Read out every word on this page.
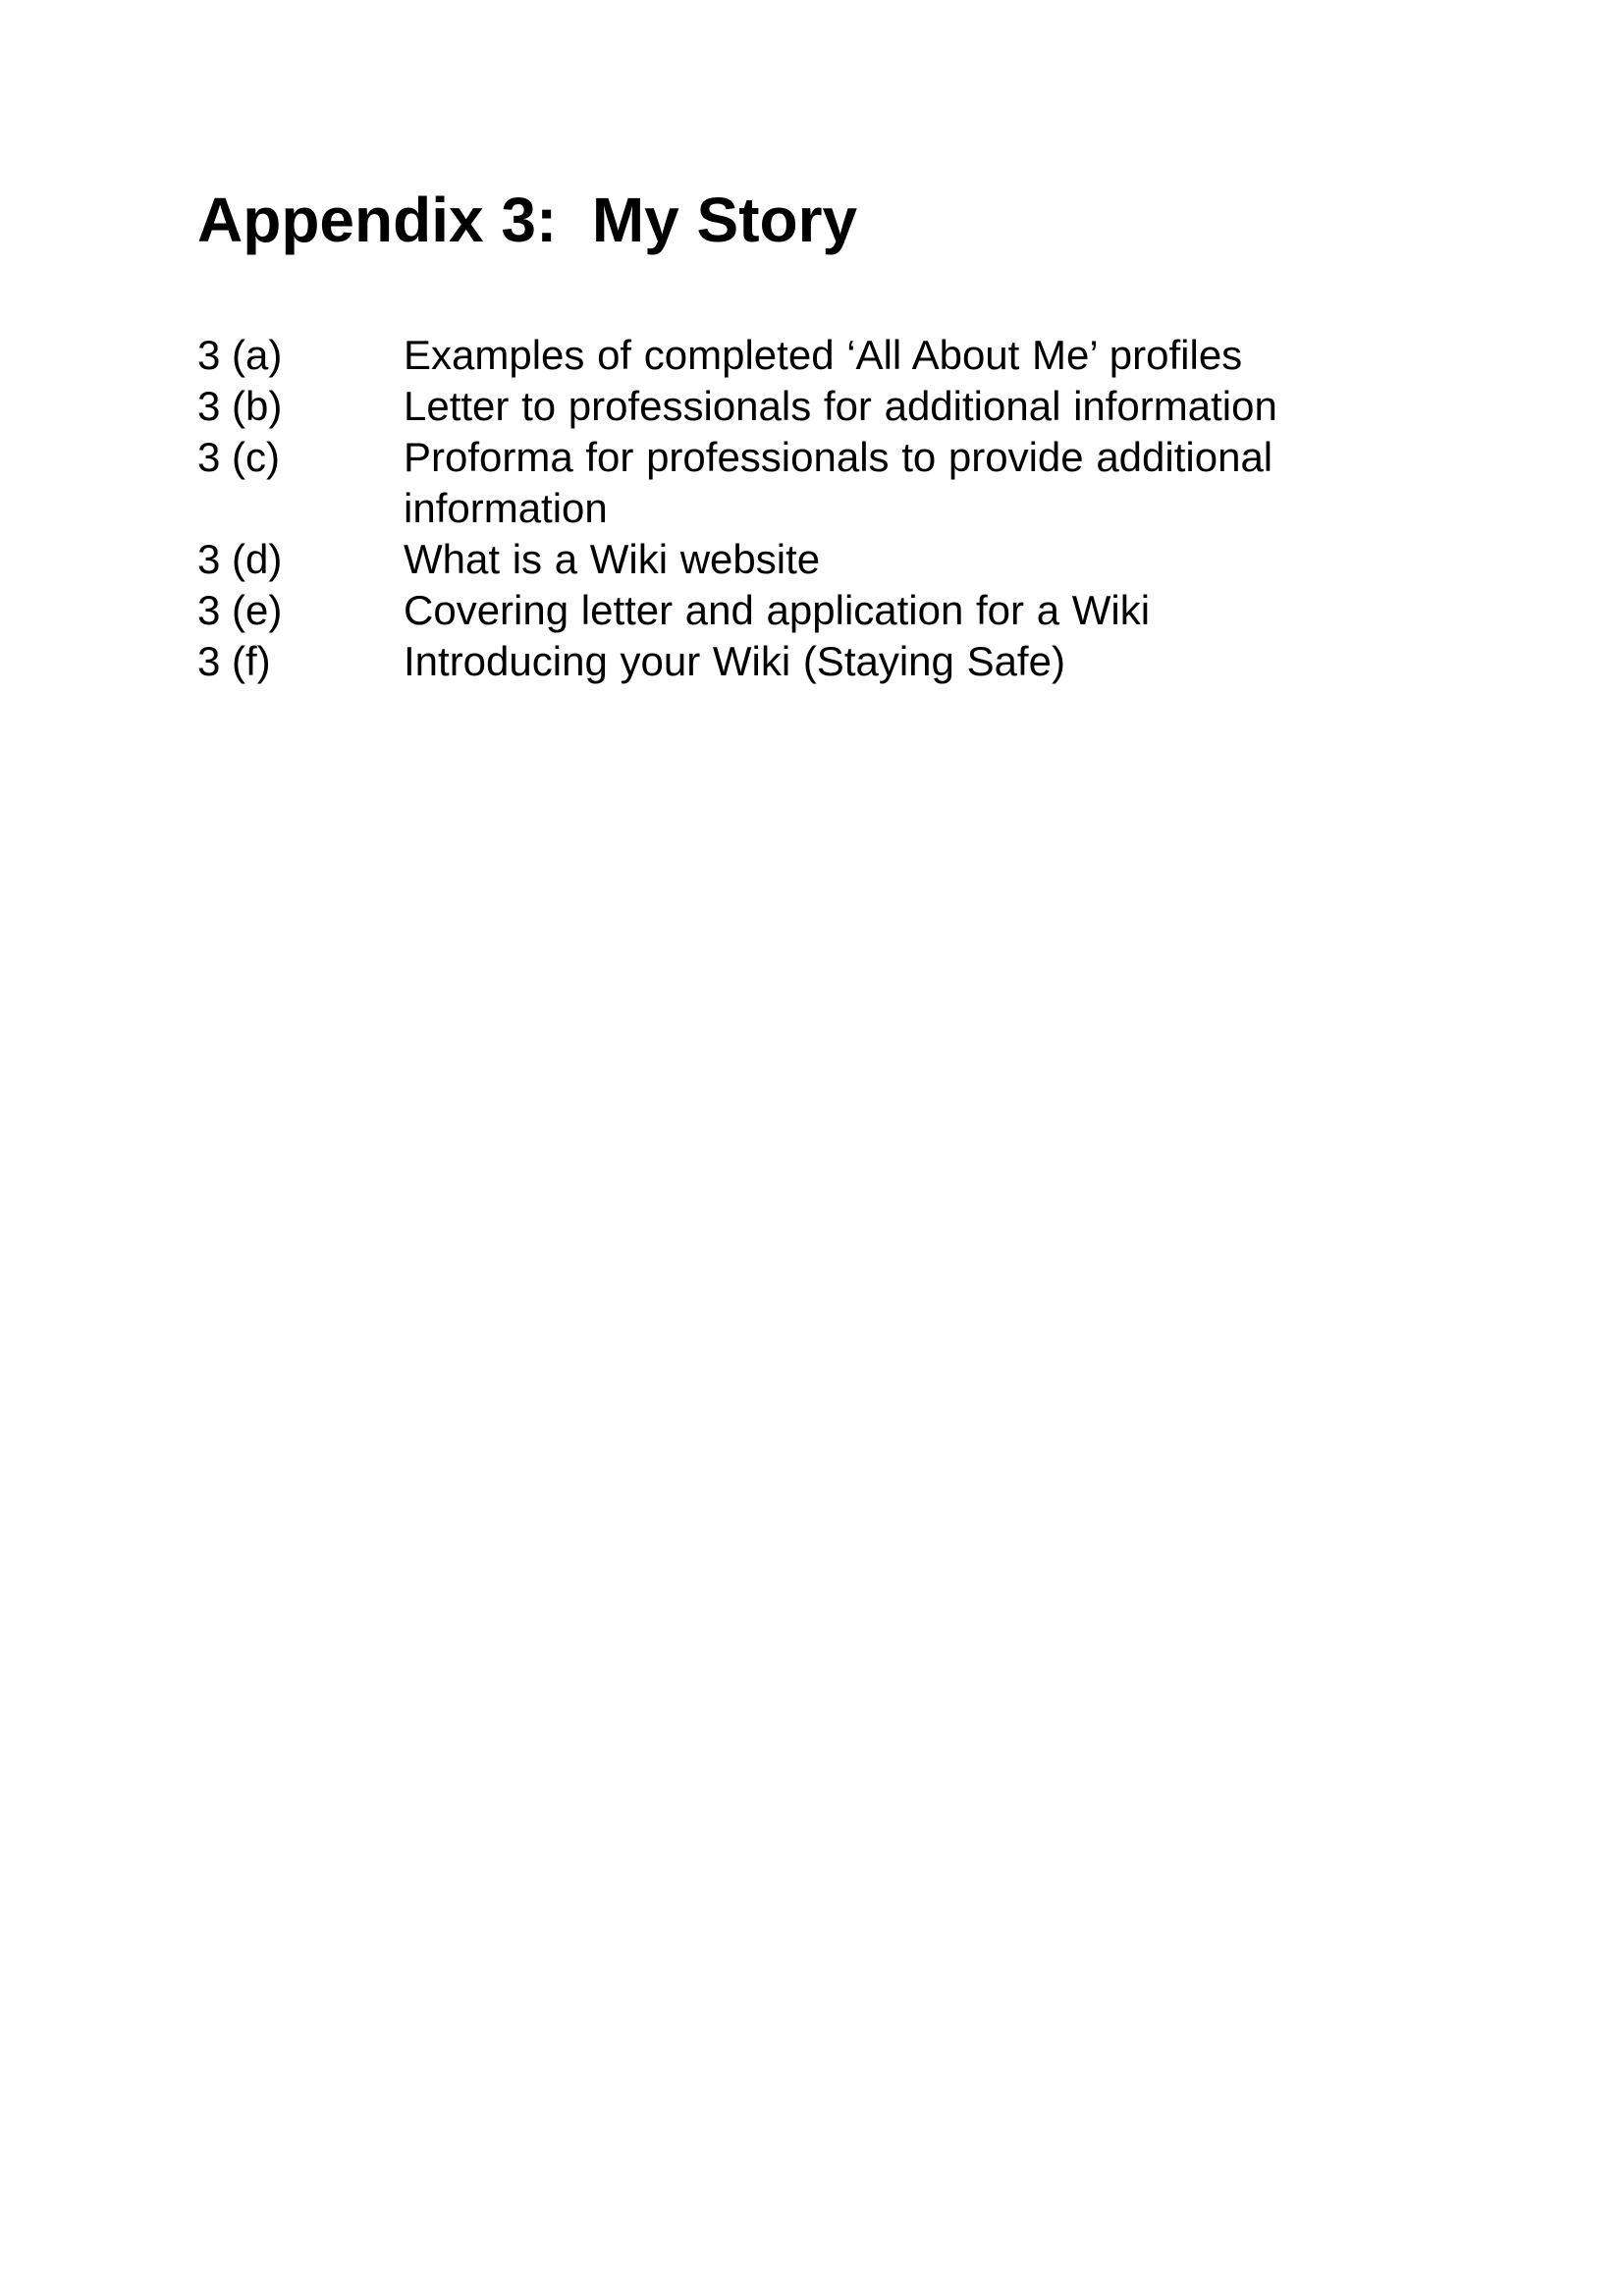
Appendix 3:  My Story
3 (a)	Examples of completed ‘All About Me’ profiles
3 (b)	Letter to professionals for additional information
3 (c)	Proforma for professionals to provide additional information
3 (d)	What is a Wiki website
3 (e)	Covering letter and application for a Wiki
3 (f)	Introducing your Wiki (Staying Safe)
